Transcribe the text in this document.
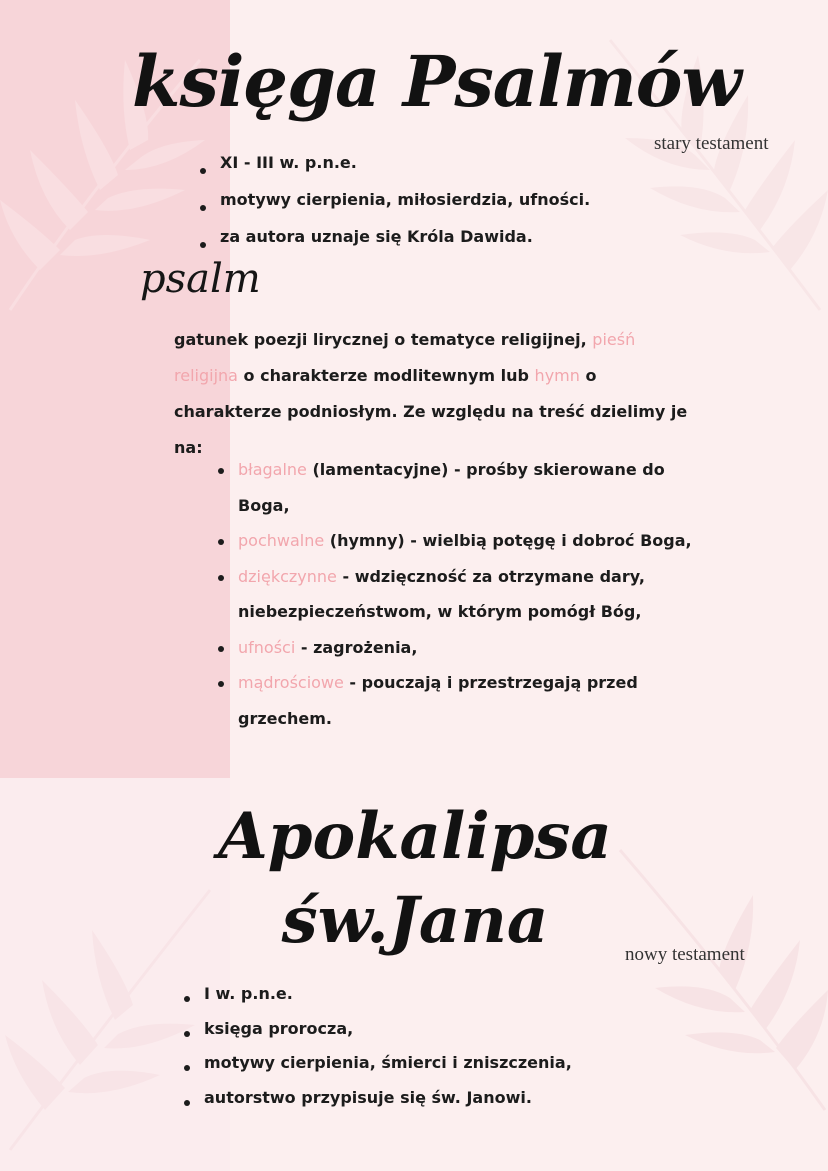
księga Psalmów
stary testament
XI - III w. p.n.e.
motywy cierpienia, miłosierdzia, ufności.
za autora uznaje się Króla Dawida.
psalm
gatunek poezji lirycznej o tematyce religijnej, pieśń religijna o charakterze modlitewnym lub hymn o charakterze podniosłym. Ze względu na treść dzielimy je na:
błagalne (lamentacyjne) - prośby skierowane do Boga,
pochwalne (hymny) - wielbią potęgę i dobroć Boga,
dziękczynne - wdzięczność za otrzymane dary, niebezpieczeństwom, w którym pomógł Bóg,
ufności - zagrożenia,
mądrościowe - pouczają i przestrzegają przed grzechem.
Apokalipsa
św.Jana	nowy testament
I w. p.n.e.
księga prorocza,
motywy cierpienia, śmierci i zniszczenia,
autorstwo przypisuje się św. Janowi.
